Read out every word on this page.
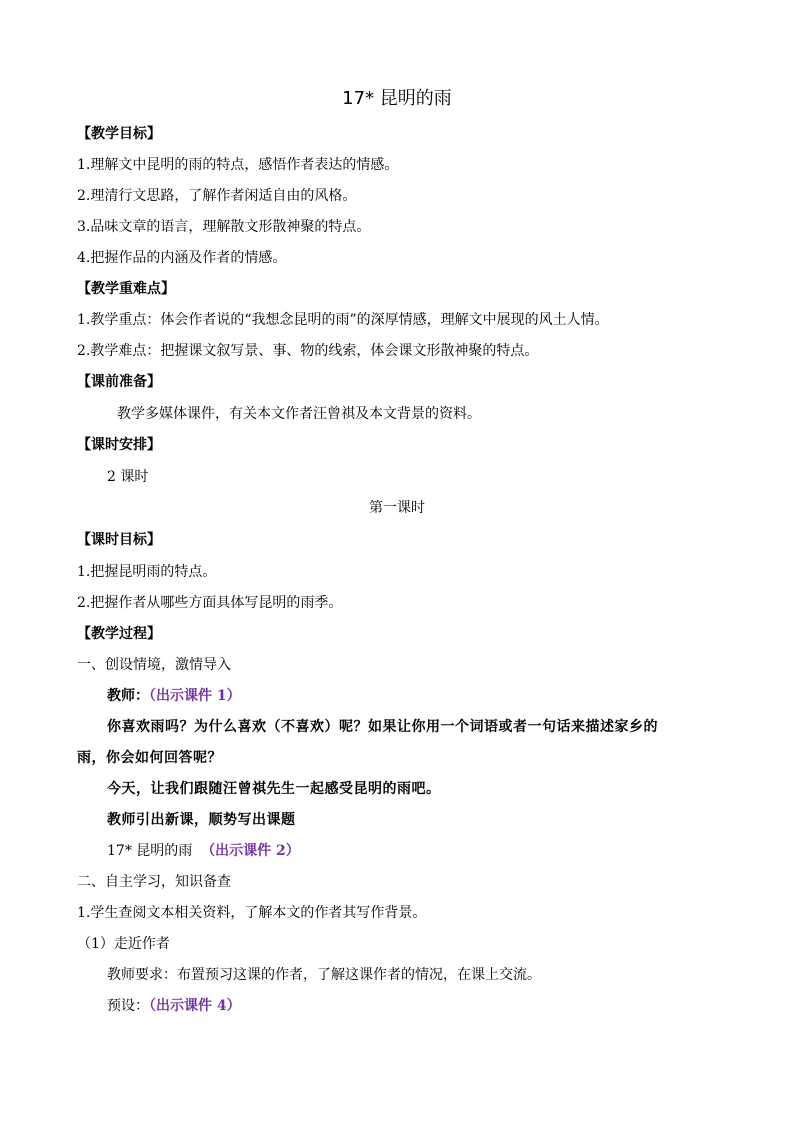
17* 昆明的雨
【教学目标】
1.理解文中昆明的雨的特点，感悟作者表达的情感。
2.理清行文思路，了解作者闲适自由的风格。
3.品味文章的语言，理解散文形散神聚的特点。
4.把握作品的内涵及作者的情感。
【教学重难点】
1.教学重点：体会作者说的“我想念昆明的雨”的深厚情感，理解文中展现的风土人情。
2.教学难点：把握课文叙写景、事、物的线索，体会课文形散神聚的特点。
【课前准备】
教学多媒体课件，有关本文作者汪曾祺及本文背景的资料。
【课时安排】
2 课时
第一课时
【课时目标】
1.把握昆明雨的特点。
2.把握作者从哪些方面具体写昆明的雨季。
【教学过程】
一、创设情境，激情导入
教师：（出示课件 1）
你喜欢雨吗？为什么喜欢（不喜欢）呢？如果让你用一个词语或者一句话来描述家乡的
雨，你会如何回答呢？
今天，让我们跟随汪曾祺先生一起感受昆明的雨吧。
教师引出新课，顺势写出课题
17* 昆明的雨 （出示课件 2）
二、自主学习，知识备查
1.学生查阅文本相关资料，了解本文的作者其写作背景。
（1）走近作者
教师要求：布置预习这课的作者，了解这课作者的情况，在课上交流。
预设：（出示课件 4）
